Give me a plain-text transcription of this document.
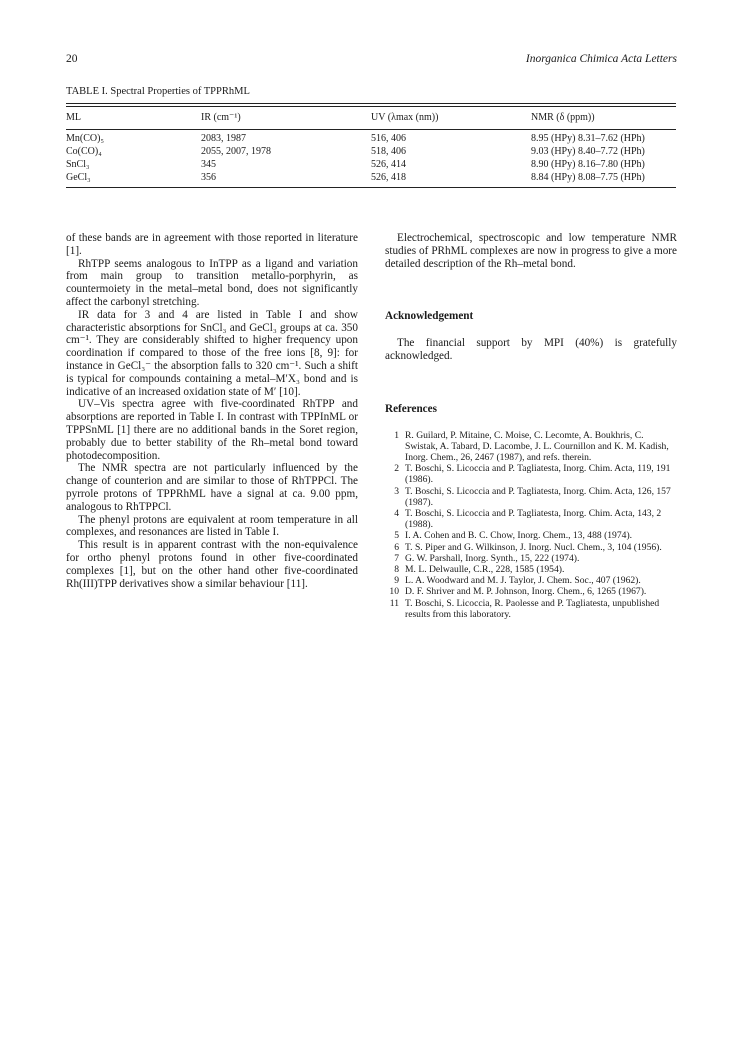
20	Inorganica Chimica Acta Letters
TABLE I. Spectral Properties of TPPRhML
ML	IR (cm⁻¹)	UV (λmax (nm))	NMR (δ (ppm))
Mn(CO)₅	2083, 1987	516, 406	8.95 (HPy) 8.31–7.62 (HPh)
Co(CO)₄	2055, 2007, 1978	518, 406	9.03 (HPy) 8.40–7.72 (HPh)
SnCl₃	345	526, 414	8.90 (HPy) 8.16–7.80 (HPh)
GeCl₃	356	526, 418	8.84 (HPy) 8.08–7.75 (HPh)

of these bands are in agreement with those reported in literature [1].

RhTPP seems analogous to InTPP as a ligand and variation from main group to transition metallo-porphyrin, as countermoiety in the metal–metal bond, does not significantly affect the carbonyl stretching.

IR data for 3 and 4 are listed in Table I and show characteristic absorptions for SnCl₃ and GeCl₃ groups at ca. 350 cm⁻¹. They are considerably shifted to higher frequency upon coordination if compared to those of the free ions [8, 9]: for instance in GeCl₃⁻ the absorption falls to 320 cm⁻¹. Such a shift is typical for compounds containing a metal–M′X₃ bond and is indicative of an increased oxidation state of M′ [10].

UV–Vis spectra agree with five-coordinated RhTPP and absorptions are reported in Table I. In contrast with TPPInML or TPPSnML [1] there are no additional bands in the Soret region, probably due to better stability of the Rh–metal bond toward photodecomposition.

The NMR spectra are not particularly influenced by the change of counterion and are similar to those of RhTPPCl. The pyrrole protons of TPPRhML have a signal at ca. 9.00 ppm, analogous to RhTPPCl.

The phenyl protons are equivalent at room temperature in all complexes, and resonances are listed in Table I.

This result is in apparent contrast with the non-equivalence for ortho phenyl protons found in other five-coordinated complexes [1], but on the other hand other five-coordinated Rh(III)TPP derivatives show a similar behaviour [11].

Electrochemical, spectroscopic and low temperature NMR studies of PRhML complexes are now in progress to give a more detailed description of the Rh–metal bond.

Acknowledgement

The financial support by MPI (40%) is gratefully acknowledged.

References

1 R. Guilard, P. Mitaine, C. Moise, C. Lecomte, A. Boukhris, C. Swistak, A. Tabard, D. Lacombe, J. L. Cournillon and K. M. Kadish, Inorg. Chem., 26, 2467 (1987), and refs. therein.
2 T. Boschi, S. Licoccia and P. Tagliatesta, Inorg. Chim. Acta, 119, 191 (1986).
3 T. Boschi, S. Licoccia and P. Tagliatesta, Inorg. Chim. Acta, 126, 157 (1987).
4 T. Boschi, S. Licoccia and P. Tagliatesta, Inorg. Chim. Acta, 143, 2 (1988).
5 I. A. Cohen and B. C. Chow, Inorg. Chem., 13, 488 (1974).
6 T. S. Piper and G. Wilkinson, J. Inorg. Nucl. Chem., 3, 104 (1956).
7 G. W. Parshall, Inorg. Synth., 15, 222 (1974).
8 M. L. Delwaulle, C.R., 228, 1585 (1954).
9 L. A. Woodward and M. J. Taylor, J. Chem. Soc., 407 (1962).
10 D. F. Shriver and M. P. Johnson, Inorg. Chem., 6, 1265 (1967).
11 T. Boschi, S. Licoccia, R. Paolesse and P. Tagliatesta, unpublished results from this laboratory.
